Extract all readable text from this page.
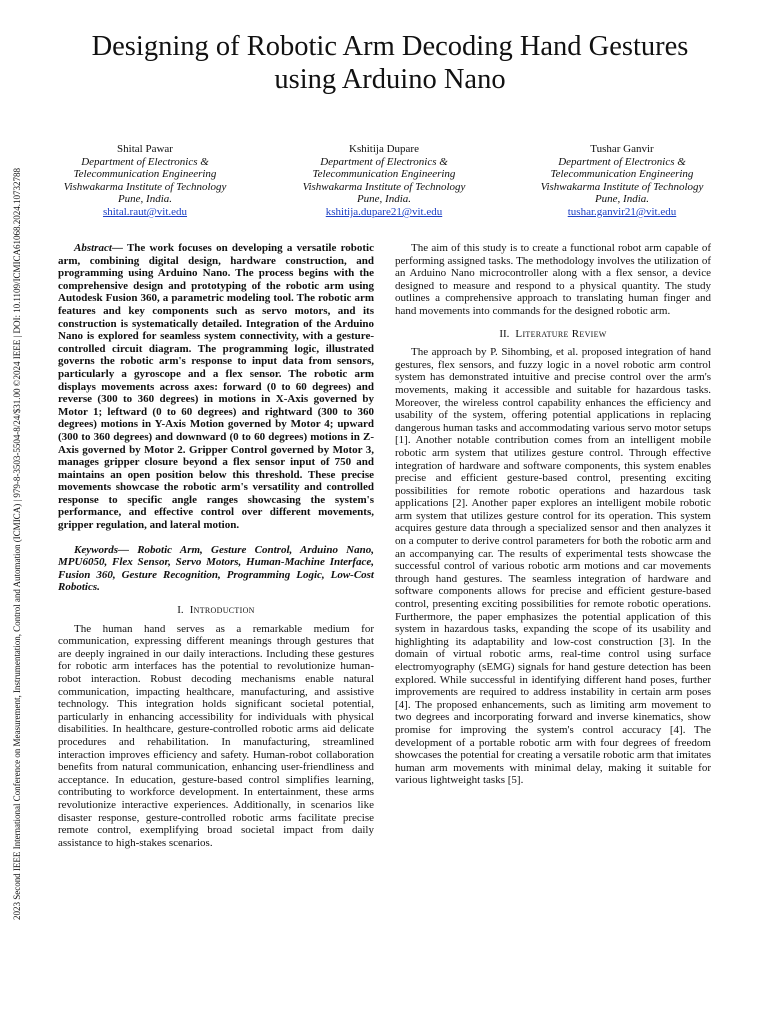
2023 Second IEEE International Conference on Measurement, Instrumentation, Control and Automation (ICMICA) | 979-8-3503-5504-8/24/$31.00 ©2024 IEEE | DOI: 10.1109/ICMICA61068.2024.10732788
Designing of Robotic Arm Decoding Hand Gestures
using Arduino Nano
Shital Pawar
Department of Electronics &
Telecommunication Engineering
Vishwakarma Institute of Technology
Pune, India.
shital.raut@vit.edu
Kshitija Dupare
Department of Electronics &
Telecommunication Engineering
Vishwakarma Institute of Technology
Pune, India.
kshitija.dupare21@vit.edu
Tushar Ganvir
Department of Electronics &
Telecommunication Engineering
Vishwakarma Institute of Technology
Pune, India.
tushar.ganvir21@vit.edu

Abstract— The work focuses on developing a versatile robotic arm, combining digital design, hardware construction, and programming using Arduino Nano. The process begins with the comprehensive design and prototyping of the robotic arm using Autodesk Fusion 360, a parametric modeling tool. The robotic arm features and key components such as servo motors, and its construction is systematically detailed. Integration of the Arduino Nano is explored for seamless system connectivity, with a gesture-controlled circuit diagram. The programming logic, illustrated governs the robotic arm's response to input data from sensors, particularly a gyroscope and a flex sensor. The robotic arm displays movements across axes: forward (0 to 60 degrees) and reverse (300 to 360 degrees) in motions in X-Axis governed by Motor 1; leftward (0 to 60 degrees) and rightward (300 to 360 degrees) motions in Y-Axis Motion governed by Motor 4; upward (300 to 360 degrees) and downward (0 to 60 degrees) motions in Z-Axis governed by Motor 2. Gripper Control governed by Motor 3, manages gripper closure beyond a flex sensor input of 750 and maintains an open position below this threshold. These precise movements showcase the robotic arm's versatility and controlled response to specific angle ranges showcasing the system's performance, and effective control over different movements, gripper regulation, and lateral motion.

Keywords— Robotic Arm, Gesture Control, Arduino Nano, MPU6050, Flex Sensor, Servo Motors, Human-Machine Interface, Fusion 360, Gesture Recognition, Programming Logic, Low-Cost Robotics.

I. Introduction

The human hand serves as a remarkable medium for communication, expressing different meanings through gestures that are deeply ingrained in our daily interactions. Including these gestures for robotic arm interfaces has the potential to revolutionize human-robot interaction. Robust decoding mechanisms enable natural communication, impacting healthcare, manufacturing, and assistive technology. This integration holds significant societal potential, particularly in enhancing accessibility for individuals with physical disabilities. In healthcare, gesture-controlled robotic arms aid delicate procedures and rehabilitation. In manufacturing, streamlined interaction improves efficiency and safety. Human-robot collaboration benefits from natural communication, enhancing user-friendliness and acceptance. In education, gesture-based control simplifies learning, contributing to workforce development. In entertainment, these arms revolutionize interactive experiences. Additionally, in scenarios like disaster response, gesture-controlled robotic arms facilitate precise remote control, exemplifying broad societal impact from daily assistance to high-stakes scenarios.

The aim of this study is to create a functional robot arm capable of performing assigned tasks. The methodology involves the utilization of an Arduino Nano microcontroller along with a flex sensor, a device designed to measure and respond to a physical quantity. The study outlines a comprehensive approach to translating human finger and hand movements into commands for the designed robotic arm.

II. Literature Review

The approach by P. Sihombing, et al. proposed integration of hand gestures, flex sensors, and fuzzy logic in a novel robotic arm control system has demonstrated intuitive and precise control over the arm's movements, making it accessible and suitable for hazardous tasks. Moreover, the wireless control capability enhances the efficiency and usability of the system, offering potential applications in replacing dangerous human tasks and accommodating various servo motor setups [1]. Another notable contribution comes from an intelligent mobile robotic arm system that utilizes gesture control. Through effective integration of hardware and software components, this system enables precise and efficient gesture-based control, presenting exciting possibilities for remote robotic operations and hazardous task applications [2]. Another paper explores an intelligent mobile robotic arm system that utilizes gesture control for its operation. This system acquires gesture data through a specialized sensor and then analyzes it on a computer to derive control parameters for both the robotic arm and an accompanying car. The results of experimental tests showcase the successful control of various robotic arm motions and car movements through hand gestures. The seamless integration of hardware and software components allows for precise and efficient gesture-based control, presenting exciting possibilities for remote robotic operations. Furthermore, the paper emphasizes the potential application of this system in hazardous tasks, expanding the scope of its usability and highlighting its adaptability and low-cost construction [3]. In the domain of virtual robotic arms, real-time control using surface electromyography (sEMG) signals for hand gesture detection has been explored. While successful in identifying different hand poses, further improvements are required to address instability in certain arm poses [4]. The proposed enhancements, such as limiting arm movement to two degrees and incorporating forward and inverse kinematics, show promise for improving the system's control accuracy [4]. The development of a portable robotic arm with four degrees of freedom showcases the potential for creating a versatile robotic arm that imitates human arm movements with minimal delay, making it suitable for various lightweight tasks [5].
